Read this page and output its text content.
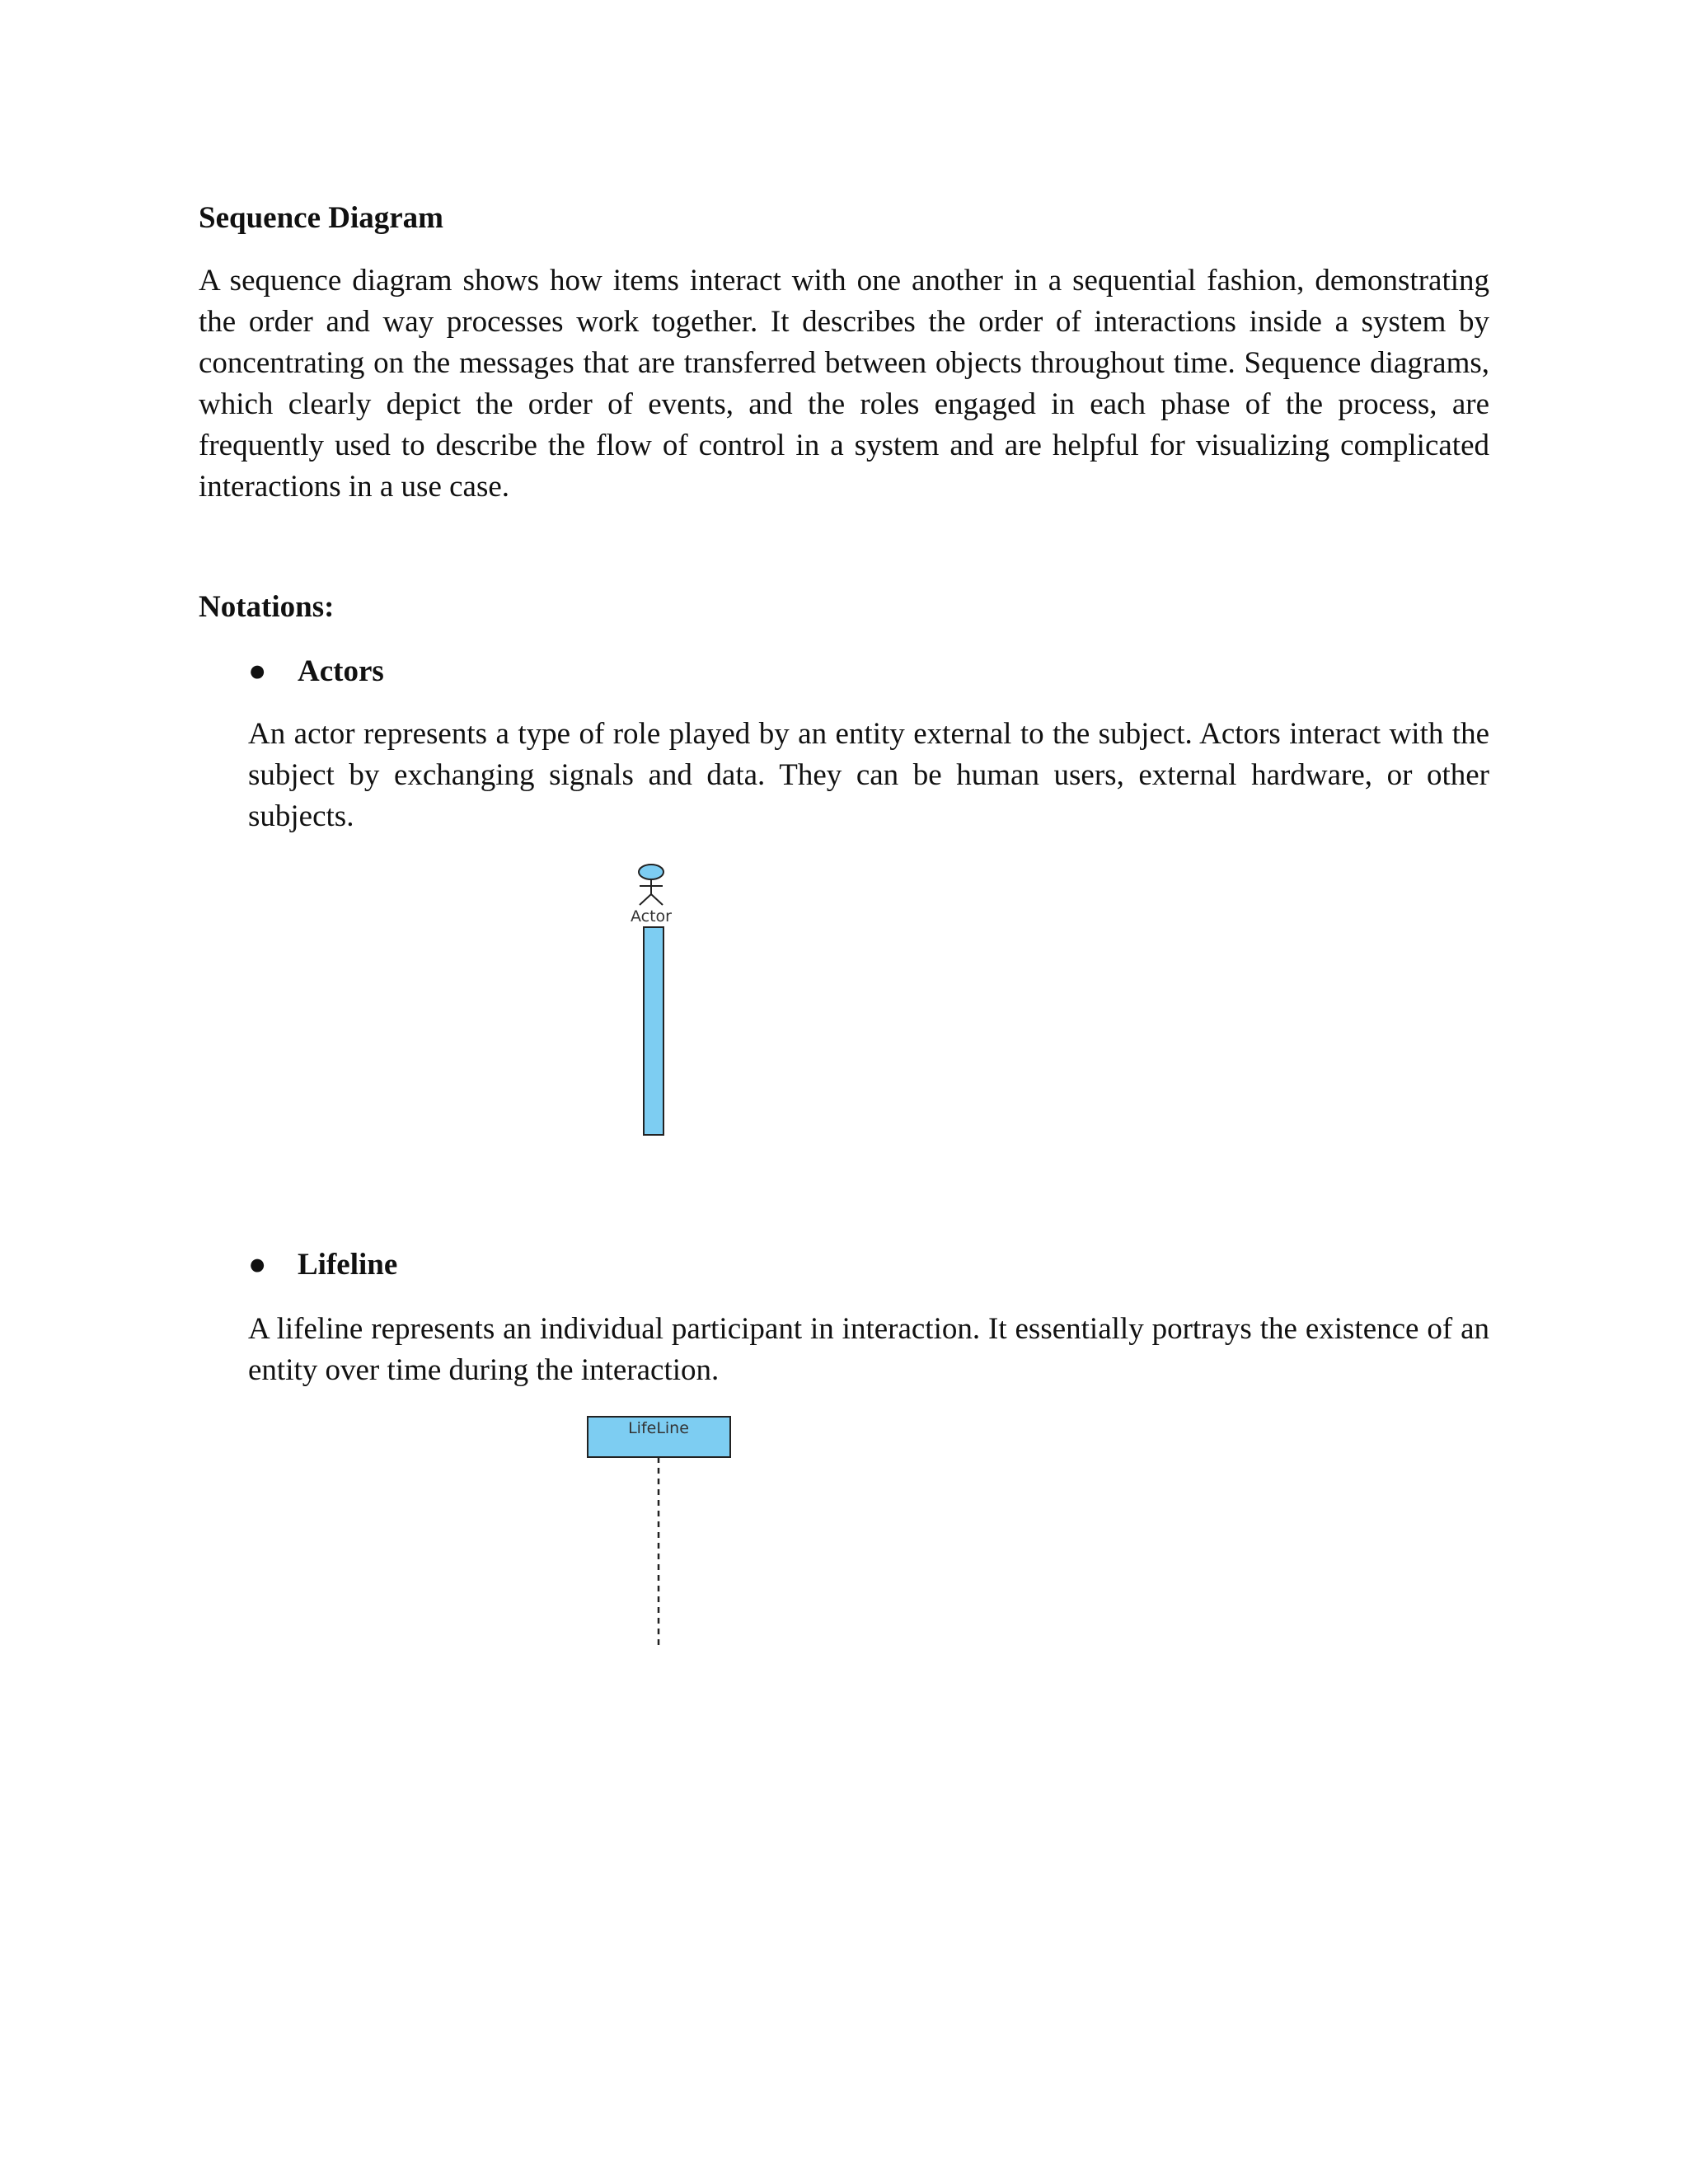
Sequence Diagram

A sequence diagram shows how items interact with one another in a sequential fashion, demonstrating the order and way processes work together. It describes the order of interactions inside a system by concentrating on the messages that are transferred between objects throughout time. Sequence diagrams, which clearly depict the order of events, and the roles engaged in each phase of the process, are frequently used to describe the flow of control in a system and are helpful for visualizing complicated interactions in a use case.

Notations:
● Actors

An actor represents a type of role played by an entity external to the subject. Actors interact with the subject by exchanging signals and data. They can be human users, external hardware, or other subjects.

Actor
● Lifeline

A lifeline represents an individual participant in interaction. It essentially portrays the existence of an entity over time during the interaction.

LifeLine
